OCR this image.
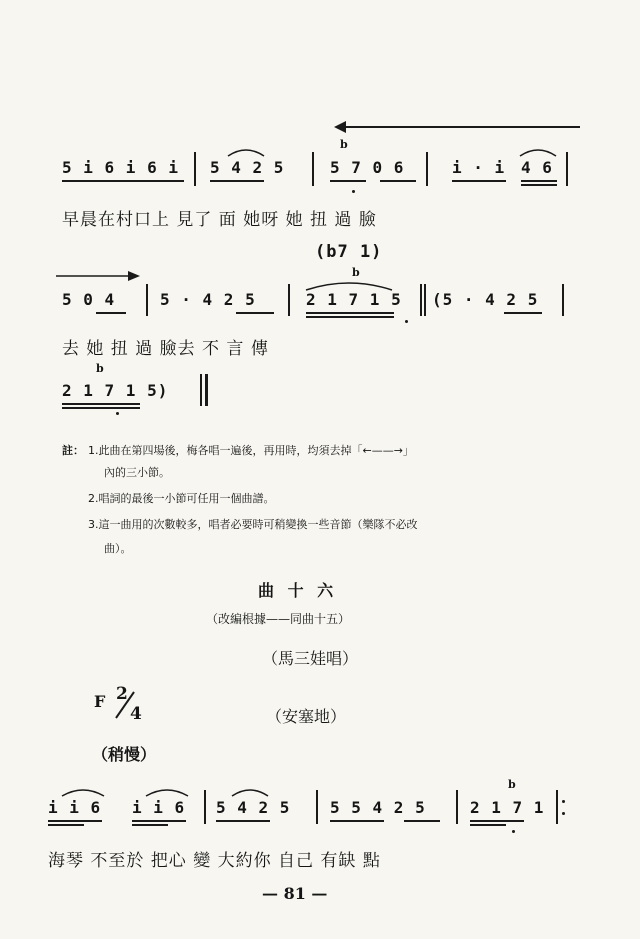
b
5 i 6 i 6 i 5 4 2 5	5 7 0 6	i · i 4 6
早晨在村口上 見了 面 她呀 她 扭 過 臉
(b7 1)
b
5 0 4	5 · 4 2 5	2 1 7 1 5 (5 · 4 2 5
去 她 扭 過 臉去 不 言 傳
b
2 1 7 1 5)
註： 1.此曲在第四場後，梅各唱一遍後，再用時，均須去掉「←——→」
內的三小節。
2.唱詞的最後一小節可任用一個曲譜。
3.這一曲用的次數較多，唱者必要時可稍變換一些音節（樂隊不必改
曲）。
曲 十 六
（改編根據——同曲十五）
（馬三娃唱）
F 2
4	（安塞地）
（稍慢）
b
i i 6 i i 6 5 4 2 5 5 5 4 2 5	2 1 7 1
海琴 不至於 把心 變 大約你 自己 有缺 點
— 81 —
